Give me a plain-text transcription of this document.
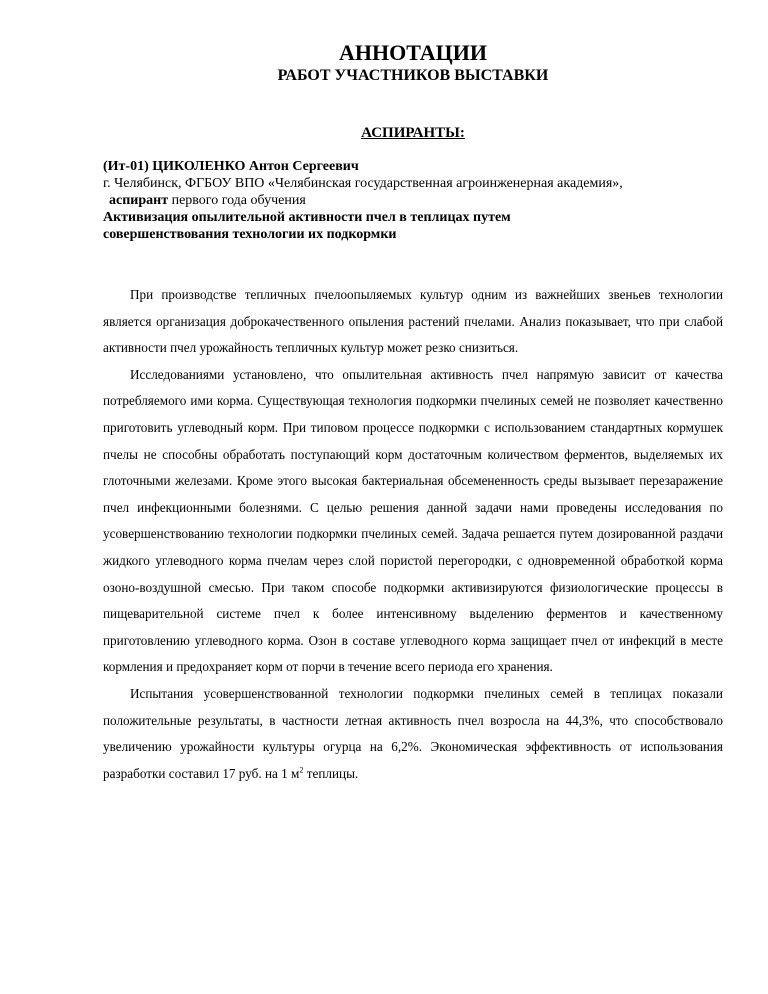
АННОТАЦИИ
РАБОТ УЧАСТНИКОВ ВЫСТАВКИ
АСПИРАНТЫ:
(Ит-01) ЦИКОЛЕНКО Антон Сергеевич
г. Челябинск, ФГБОУ ВПО «Челябинская государственная агроинженерная академия»,
аспирант первого года обучения
Активизация опылительной активности пчел в теплицах путем
совершенствования технологии их подкормки

При производстве тепличных пчелоопыляемых культур одним из важнейших звеньев технологии является организация доброкачественного опыления растений пчелами. Анализ показывает, что при слабой активности пчел урожайность тепличных культур может резко снизиться.

Исследованиями установлено, что опылительная активность пчел напрямую зависит от качества потребляемого ими корма. Существующая технология подкормки пчелиных семей не позволяет качественно приготовить углеводный корм. При типовом процессе подкормки с использованием стандартных кормушек пчелы не способны обработать поступающий корм достаточным количеством ферментов, выделяемых их глоточными железами. Кроме этого высокая бактериальная обсемененность среды вызывает перезаражение пчел инфекционными болезнями. С целью решения данной задачи нами проведены исследования по усовершенствованию технологии подкормки пчелиных семей. Задача решается путем дозированной раздачи жидкого углеводного корма пчелам через слой пористой перегородки, с одновременной обработкой корма озоно-воздушной смесью. При таком способе подкормки активизируются физиологические процессы в пищеварительной системе пчел к более интенсивному выделению ферментов и качественному приготовлению углеводного корма. Озон в составе углеводного корма защищает пчел от инфекций в месте кормления и предохраняет корм от порчи в течение всего периода его хранения.

Испытания усовершенствованной технологии подкормки пчелиных семей в теплицах показали положительные результаты, в частности летная активность пчел возросла на 44,3%, что способствовало увеличению урожайности культуры огурца на 6,2%. Экономическая эффективность от использования разработки составил 17 руб. на 1 $м^2$ теплицы.
